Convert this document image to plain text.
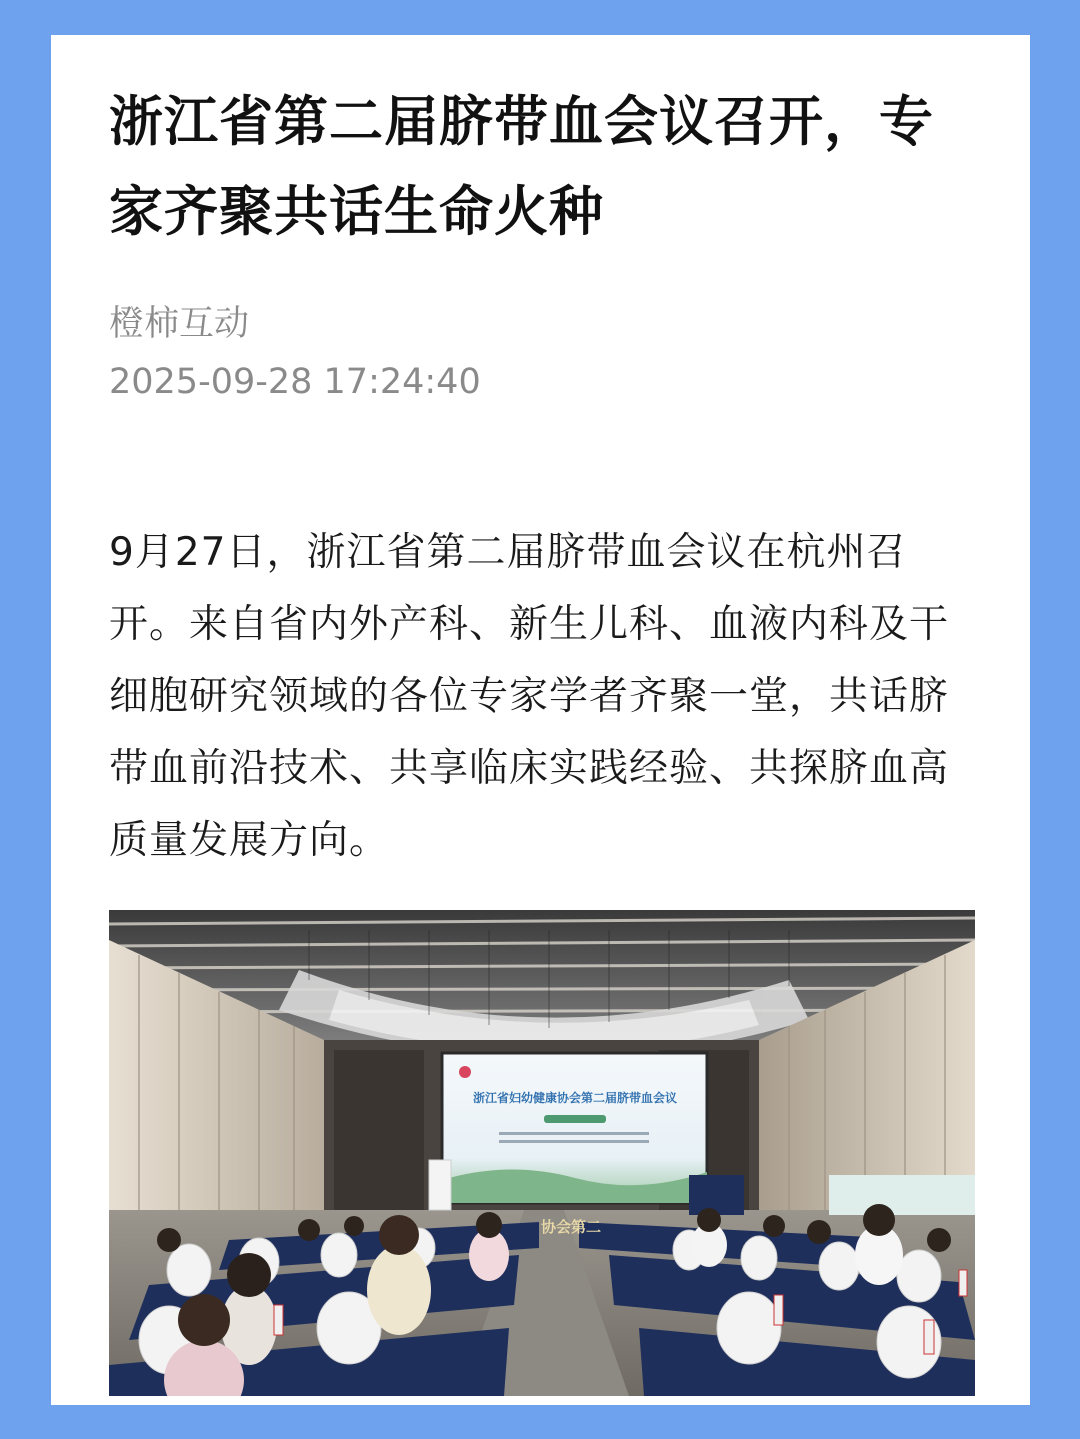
浙江省第二届脐带血会议召开，专家齐聚共话生命火种
橙柿互动
2025-09-28 17:24:40

9月27日，浙江省第二届脐带血会议在杭州召开。来自省内外产科、新生儿科、血液内科及干细胞研究领域的各位专家学者齐聚一堂，共话脐带血前沿技术、共享临床实践经验、共探脐血高质量发展方向。

浙江省妇幼健康协会第二届脐带血会议
协会第二
